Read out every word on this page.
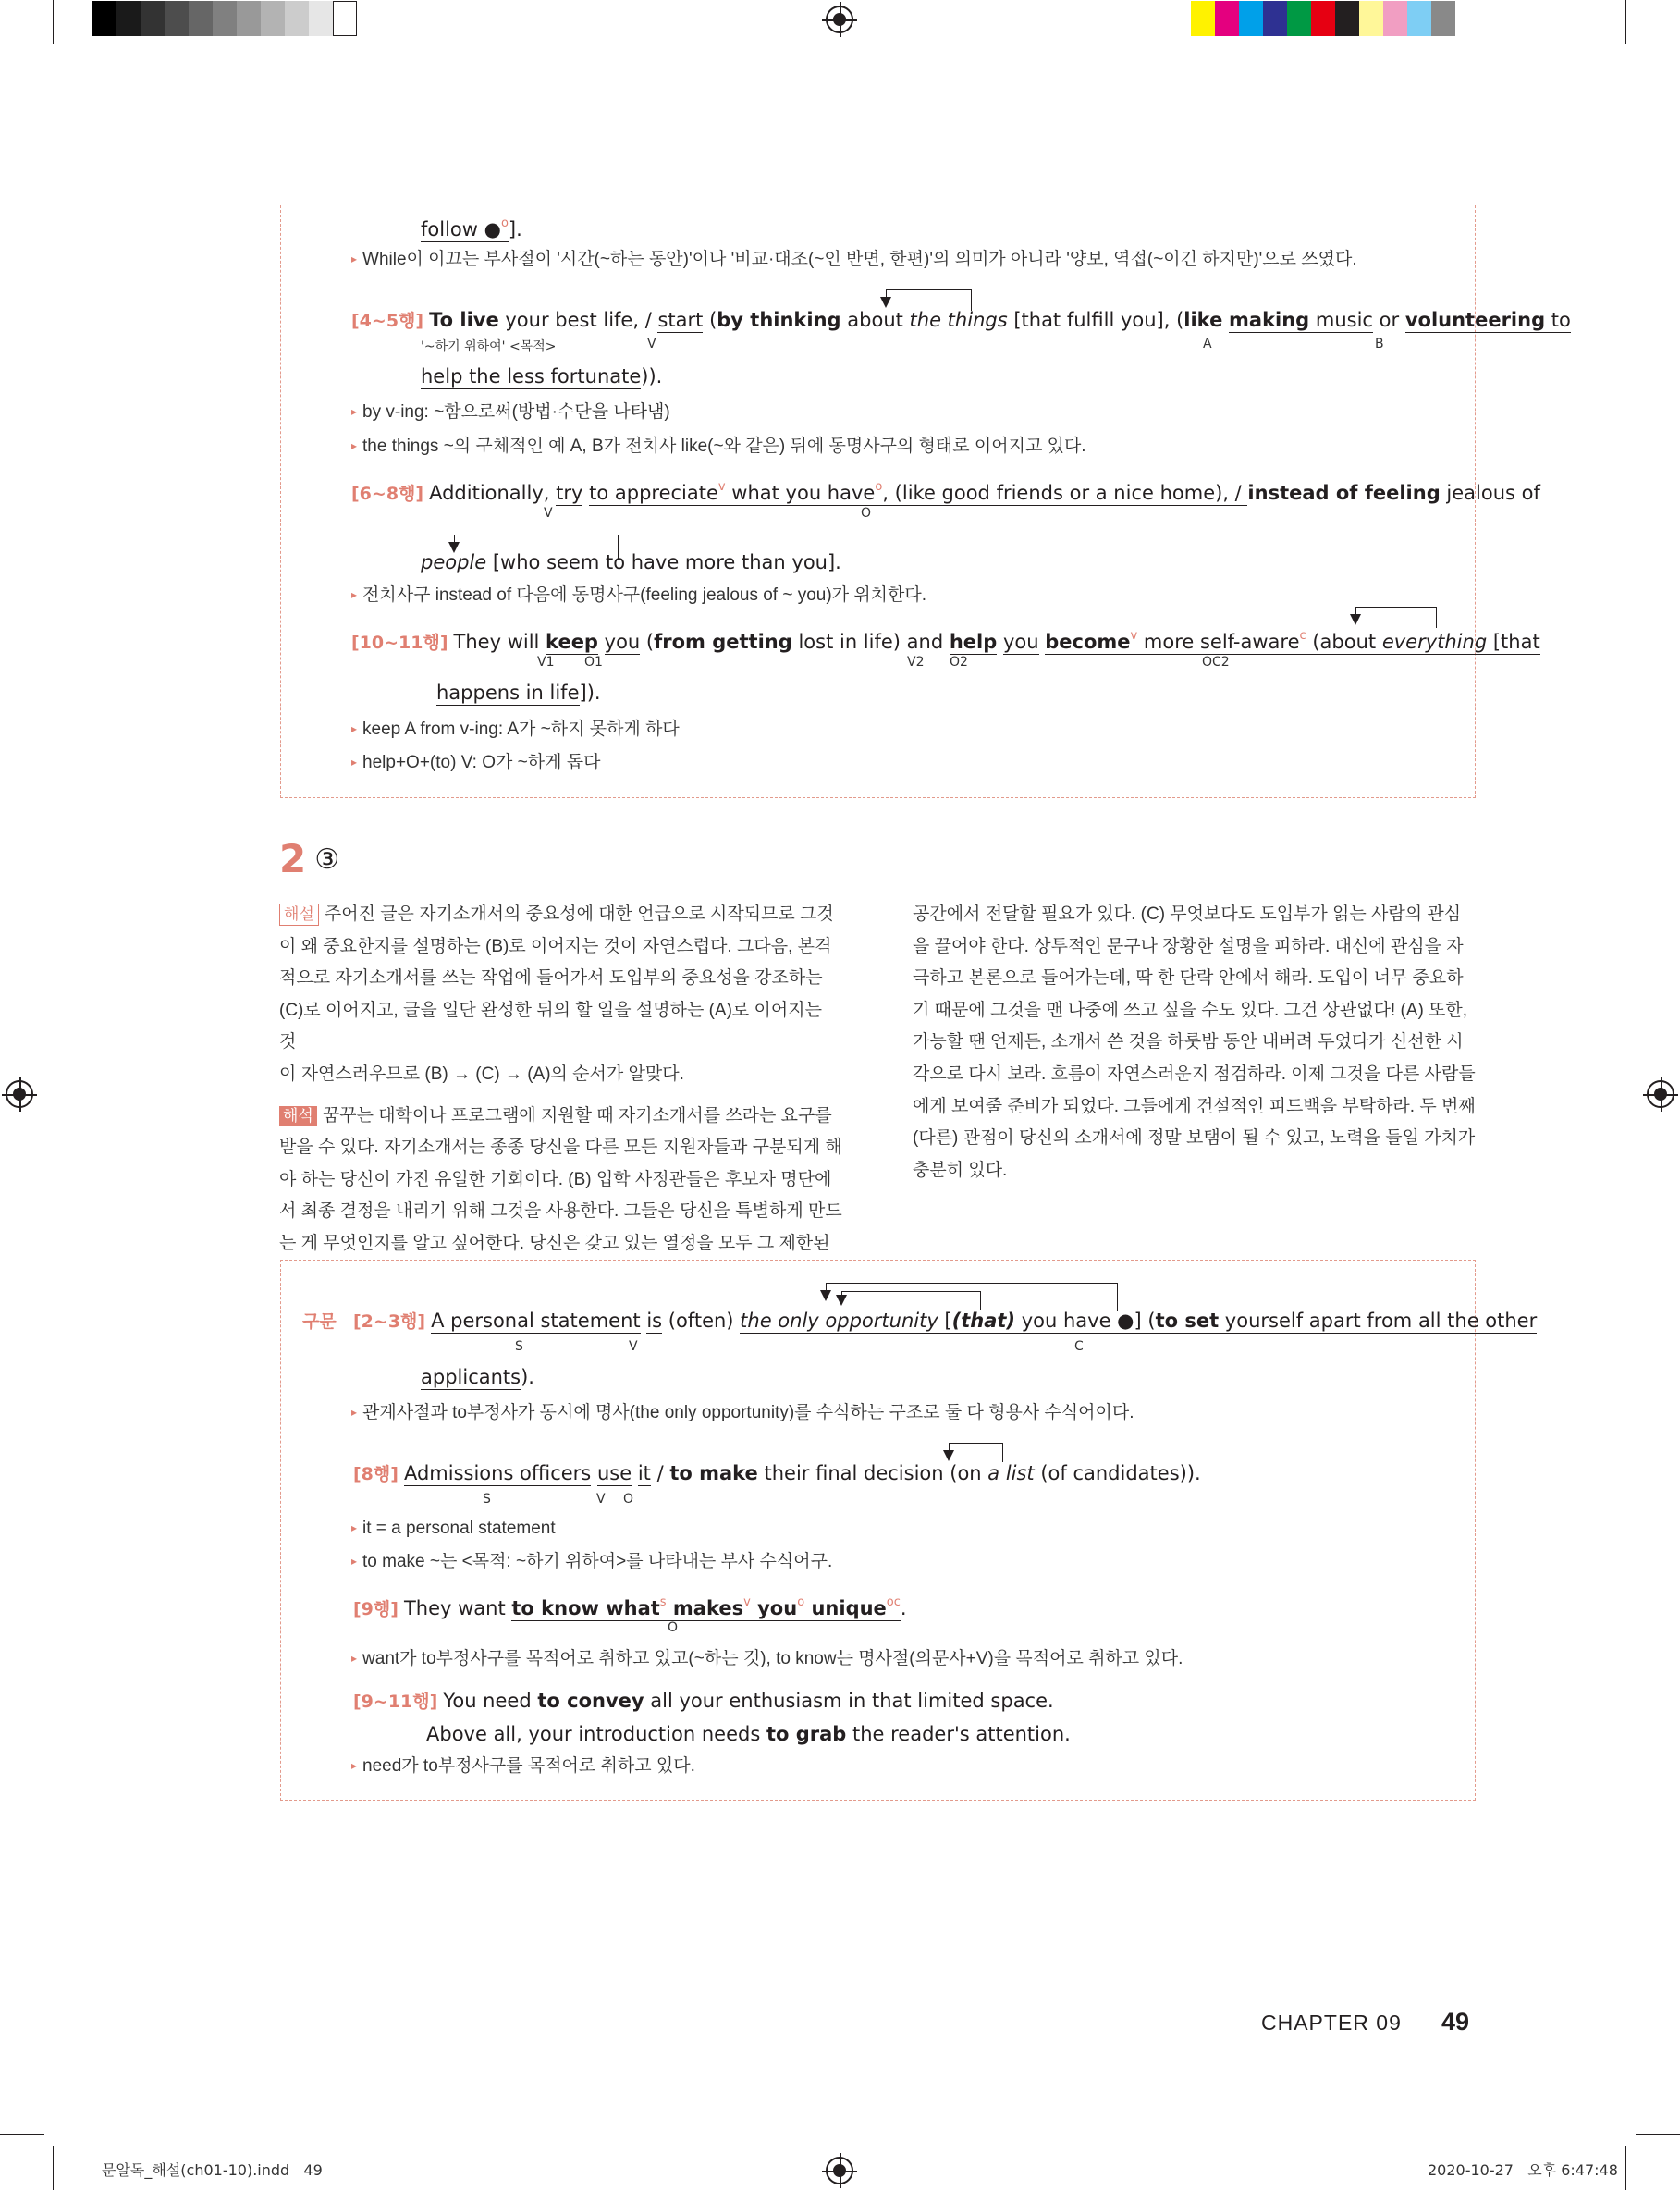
follow ●$^o$].
▸ While이 이끄는 부사절이 '시간(~하는 동안)'이나 '비교·대조(~인 반면, 한편)'의 의미가 아니라 '양보, 역접(~이긴 하지만)'으로 쓰였다.
[4~5행] To live your best life, / start (by thinking about the things [that fulfill you], (like making music or volunteering to
'~하기 위하여' <목적>	V	A	B
help the less fortunate)).
▸ by v-ing: ~함으로써(방법·수단을 나타냄)
▸ the things ~의 구체적인 예 A, B가 전치사 like(~와 같은) 뒤에 동명사구의 형태로 이어지고 있다.
[6~8행] Additionally, try to appreciate$^v$ what you have$^o$, (like good friends or a nice home), / instead of feeling jealous of
V	O
people [who seem to have more than you].
▸ 전치사구 instead of 다음에 동명사구(feeling jealous of ~ you)가 위치한다.
[10~11행] They will keep you (from getting lost in life) and help you become$^v$ more self-aware$^c$ (about everything [that
V1 O1	V2 O2	OC2
happens in life]).
▸ keep A from v-ing: A가 ~하지 못하게 하다
▸ help+O+(to) V: O가 ~하게 돕다
2 ③
해설 주어진 글은 자기소개서의 중요성에 대한 언급으로 시작되므로 그것
이 왜 중요한지를 설명하는 (B)로 이어지는 것이 자연스럽다. 그다음, 본격
적으로 자기소개서를 쓰는 작업에 들어가서 도입부의 중요성을 강조하는
(C)로 이어지고, 글을 일단 완성한 뒤의 할 일을 설명하는 (A)로 이어지는 것
이 자연스러우므로 (B) → (C) → (A)의 순서가 알맞다.
해석 꿈꾸는 대학이나 프로그램에 지원할 때 자기소개서를 쓰라는 요구를
받을 수 있다. 자기소개서는 종종 당신을 다른 모든 지원자들과 구분되게 해
야 하는 당신이 가진 유일한 기회이다. (B) 입학 사정관들은 후보자 명단에
서 최종 결정을 내리기 위해 그것을 사용한다. 그들은 당신을 특별하게 만드
는 게 무엇인지를 알고 싶어한다. 당신은 갖고 있는 열정을 모두 그 제한된
공간에서 전달할 필요가 있다. (C) 무엇보다도 도입부가 읽는 사람의 관심
을 끌어야 한다. 상투적인 문구나 장황한 설명을 피하라. 대신에 관심을 자
극하고 본론으로 들어가는데, 딱 한 단락 안에서 해라. 도입이 너무 중요하
기 때문에 그것을 맨 나중에 쓰고 싶을 수도 있다. 그건 상관없다! (A) 또한,
가능할 땐 언제든, 소개서 쓴 것을 하룻밤 동안 내버려 두었다가 신선한 시
각으로 다시 보라. 흐름이 자연스러운지 점검하라. 이제 그것을 다른 사람들
에게 보여줄 준비가 되었다. 그들에게 건설적인 피드백을 부탁하라. 두 번째
(다른) 관점이 당신의 소개서에 정말 보탬이 될 수 있고, 노력을 들일 가치가
충분히 있다.
구문 [2~3행] A personal statement is (often) the only opportunity [(that) you have ●] (to set yourself apart from all the other
S	V	C
applicants).
▸ 관계사절과 to부정사가 동시에 명사(the only opportunity)를 수식하는 구조로 둘 다 형용사 수식어이다.
[8행] Admissions officers use it / to make their final decision (on a list (of candidates)).
S	V O
▸ it = a personal statement
▸ to make ~는 <목적: ~하기 위하여>를 나타내는 부사 수식어구.
[9행] They want to know what$^s$ makes$^v$ you$^o$ unique$^{oc}$.
O
▸ want가 to부정사구를 목적어로 취하고 있고(~하는 것), to know는 명사절(의문사+V)을 목적어로 취하고 있다.
[9~11행] You need to convey all your enthusiasm in that limited space.
Above all, your introduction needs to grab the reader's attention.
▸ need가 to부정사구를 목적어로 취하고 있다.
CHAPTER 09 49
문알독_해설(ch01-10).indd   49	2020-10-27   오후 6:47:48
